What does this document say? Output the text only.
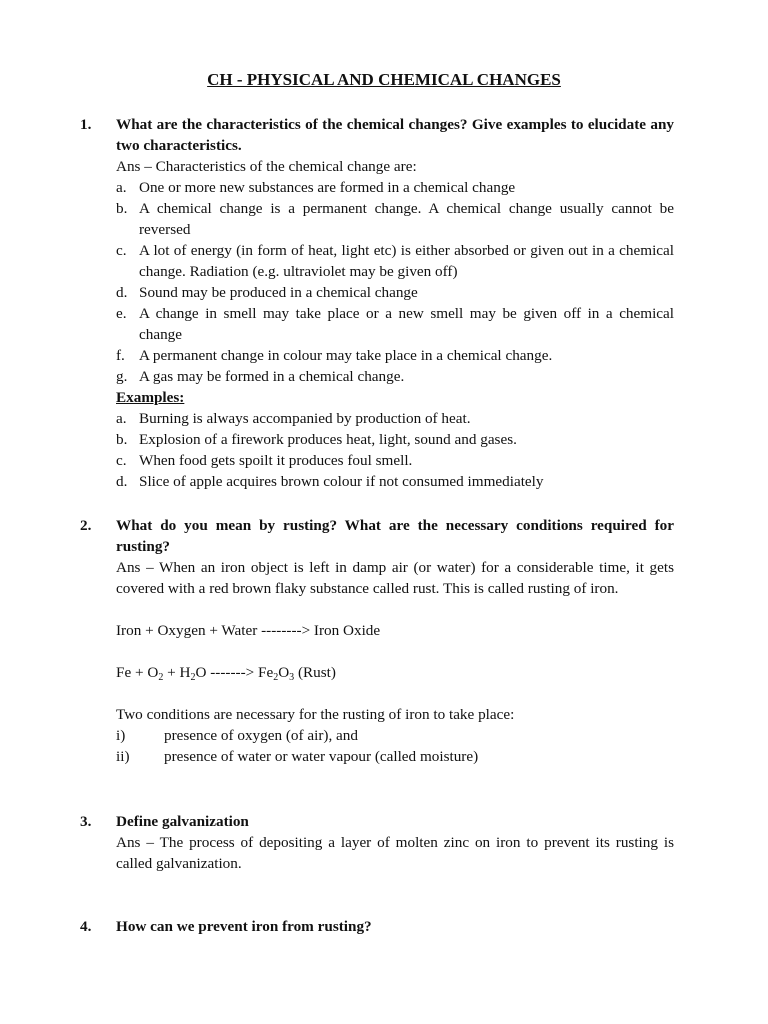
CH - PHYSICAL AND CHEMICAL CHANGES
1. What are the characteristics of the chemical changes? Give examples to elucidate any two characteristics.
Ans – Characteristics of the chemical change are:
a. One or more new substances are formed in a chemical change
b. A chemical change is a permanent change. A chemical change usually cannot be reversed
c. A lot of energy (in form of heat, light etc) is either absorbed or given out in a chemical change. Radiation (e.g. ultraviolet may be given off)
d. Sound may be produced in a chemical change
e. A change in smell may take place or a new smell may be given off in a chemical change
f. A permanent change in colour may take place in a chemical change.
g. A gas may be formed in a chemical change.
Examples:
a. Burning is always accompanied by production of heat.
b. Explosion of a firework produces heat, light, sound and gases.
c. When food gets spoilt it produces foul smell.
d. Slice of apple acquires brown colour if not consumed immediately
2. What do you mean by rusting? What are the necessary conditions required for rusting?
Ans – When an iron object is left in damp air (or water) for a considerable time, it gets covered with a red brown flaky substance called rust. This is called rusting of iron.
Iron + Oxygen + Water --------> Iron Oxide
$Fe + O_2 + H_2O$ -------> $Fe_2O_3$ (Rust)
Two conditions are necessary for the rusting of iron to take place:
i)	presence of oxygen (of air), and
ii) presence of water or water vapour (called moisture)
3. Define galvanization
Ans – The process of depositing a layer of molten zinc on iron to prevent its rusting is called galvanization.
4. How can we prevent iron from rusting?
